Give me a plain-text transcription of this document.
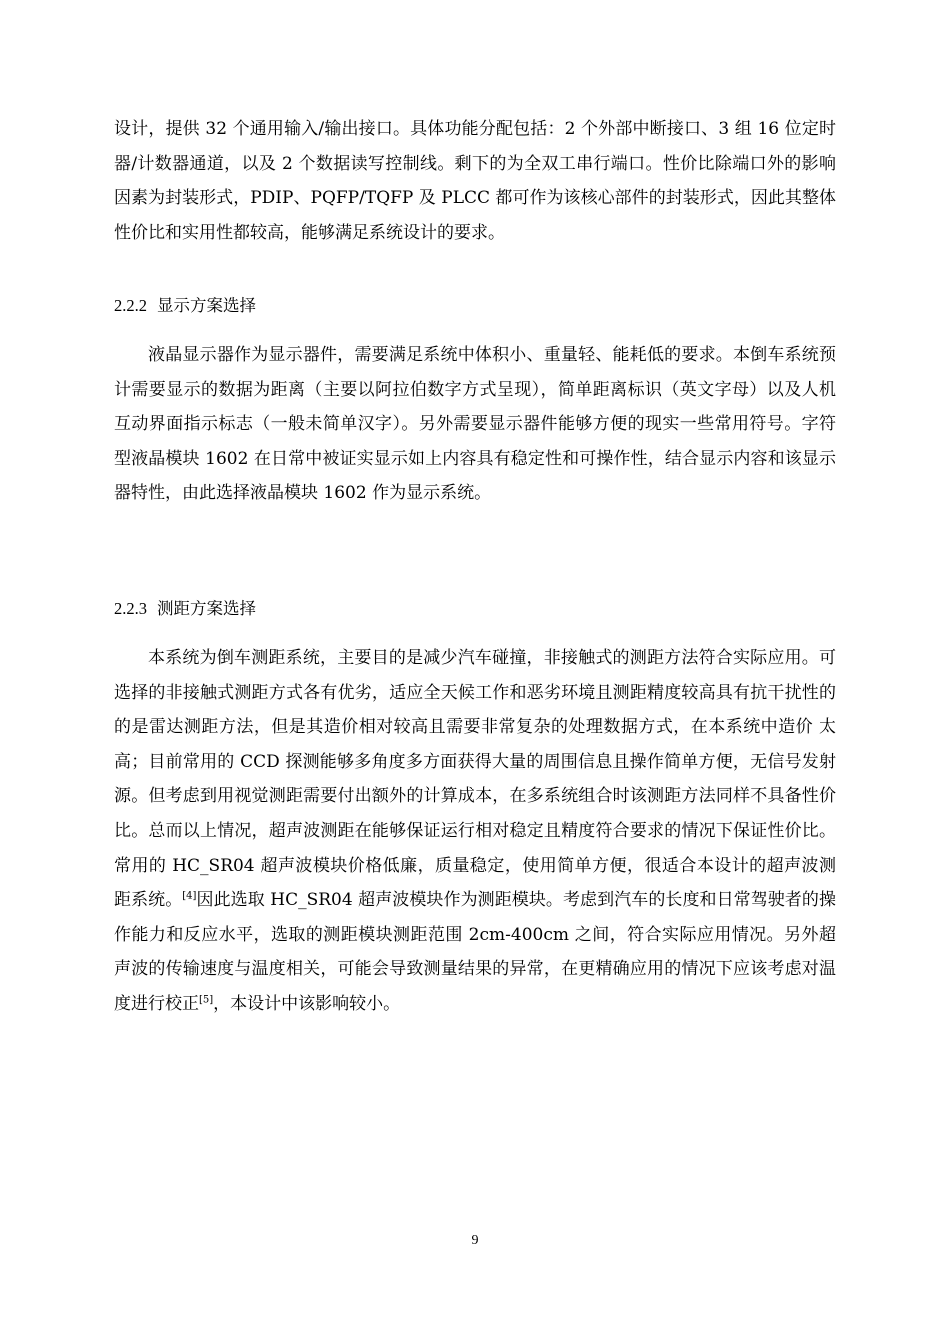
设计，提供 32 个通用输入/输出接口。具体功能分配包括：2 个外部中断接口、3 组 16 位定时器/计数器通道，以及 2 个数据读写控制线。剩下的为全双工串行端口。性价比除端口外的影响因素为封装形式，PDIP、PQFP/TQFP 及 PLCC 都可作为该核心部件的封装形式，因此其整体性价比和实用性都较高，能够满足系统设计的要求。

2.2.2 显示方案选择

液晶显示器作为显示器件，需要满足系统中体积小、重量轻、能耗低的要求。本倒车系统预计需要显示的数据为距离（主要以阿拉伯数字方式呈现），简单距离标识（英文字母）以及人机互动界面指示标志（一般未简单汉字）。另外需要显示器件能够方便的现实一些常用符号。字符型液晶模块 1602 在日常中被证实显示如上内容具有稳定性和可操作性，结合显示内容和该显示器特性，由此选择液晶模块 1602 作为显示系统。

2.2.3 测距方案选择

本系统为倒车测距系统，主要目的是减少汽车碰撞，非接触式的测距方法符合实际应用。可选择的非接触式测距方式各有优劣，适应全天候工作和恶劣环境且测距精度较高具有抗干扰性的的是雷达测距方法，但是其造价相对较高且需要非常复杂的处理数据方式，在本系统中造价 太高；目前常用的 CCD 探测能够多角度多方面获得大量的周围信息且操作简单方便，无信号发射源。但考虑到用视觉测距需要付出额外的计算成本，在多系统组合时该测距方法同样不具备性价比。总而以上情况，超声波测距在能够保证运行相对稳定且精度符合要求的情况下保证性价比。常用的 HC_SR04 超声波模块价格低廉，质量稳定，使用简单方便，很适合本设计的超声波测距系统。[4]因此选取 HC_SR04 超声波模块作为测距模块。考虑到汽车的长度和日常驾驶者的操作能力和反应水平，选取的测距模块测距范围 2cm-400cm 之间，符合实际应用情况。另外超声波的传输速度与温度相关，可能会导致测量结果的异常，在更精确应用的情况下应该考虑对温度进行校正[5]，本设计中该影响较小。

9
